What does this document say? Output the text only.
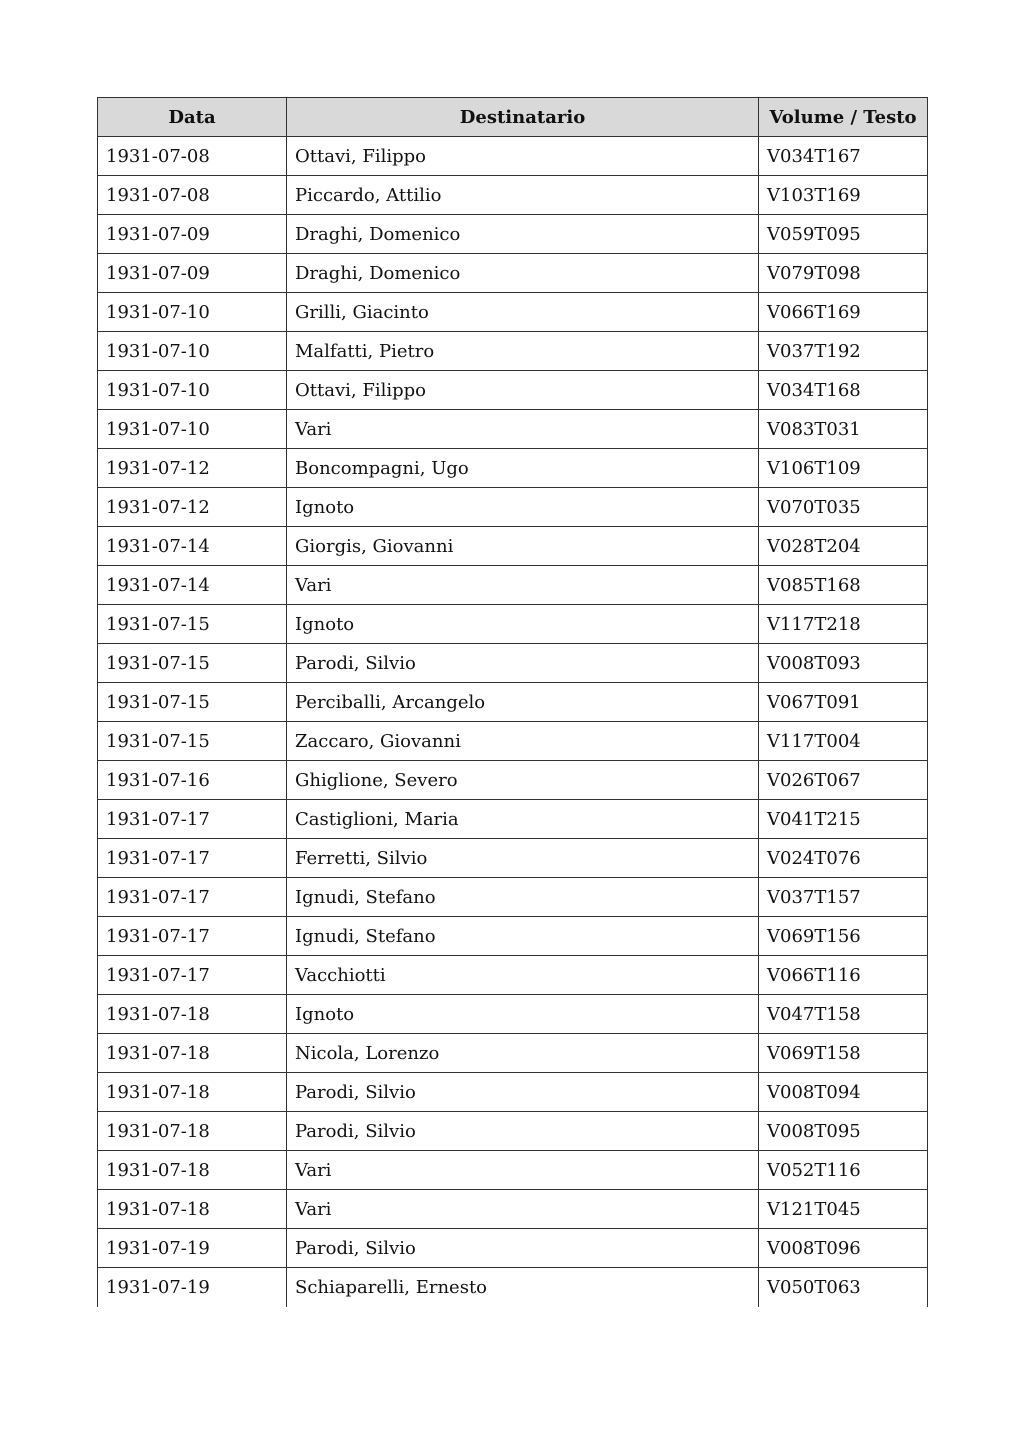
Data	Destinatario	Volume / Testo
1931-07-08	Ottavi, Filippo	V034T167
1931-07-08	Piccardo, Attilio	V103T169
1931-07-09	Draghi, Domenico	V059T095
1931-07-09	Draghi, Domenico	V079T098
1931-07-10	Grilli, Giacinto	V066T169
1931-07-10	Malfatti, Pietro	V037T192
1931-07-10	Ottavi, Filippo	V034T168
1931-07-10	Vari	V083T031
1931-07-12	Boncompagni, Ugo	V106T109
1931-07-12	Ignoto	V070T035
1931-07-14	Giorgis, Giovanni	V028T204
1931-07-14	Vari	V085T168
1931-07-15	Ignoto	V117T218
1931-07-15	Parodi, Silvio	V008T093
1931-07-15	Perciballi, Arcangelo	V067T091
1931-07-15	Zaccaro, Giovanni	V117T004
1931-07-16	Ghiglione, Severo	V026T067
1931-07-17	Castiglioni, Maria	V041T215
1931-07-17	Ferretti, Silvio	V024T076
1931-07-17	Ignudi, Stefano	V037T157
1931-07-17	Ignudi, Stefano	V069T156
1931-07-17	Vacchiotti	V066T116
1931-07-18	Ignoto	V047T158
1931-07-18	Nicola, Lorenzo	V069T158
1931-07-18	Parodi, Silvio	V008T094
1931-07-18	Parodi, Silvio	V008T095
1931-07-18	Vari	V052T116
1931-07-18	Vari	V121T045
1931-07-19	Parodi, Silvio	V008T096
1931-07-19	Schiaparelli, Ernesto	V050T063
